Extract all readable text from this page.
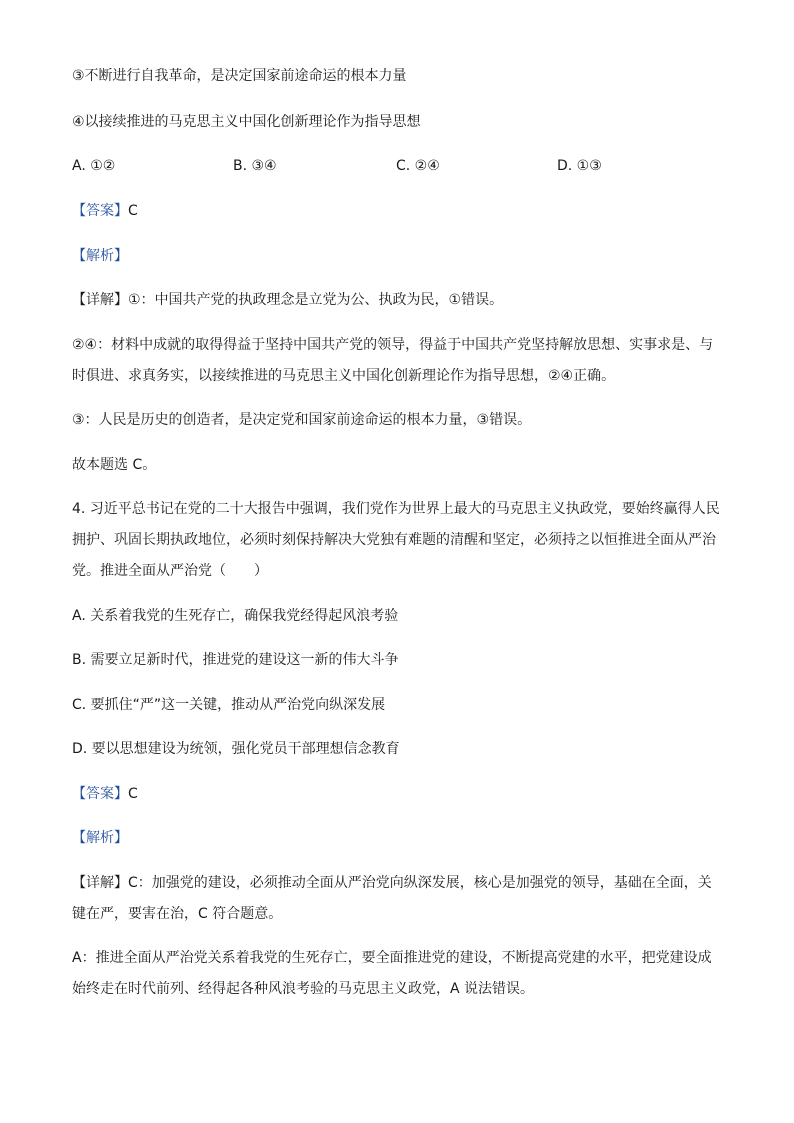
③不断进行自我革命，是决定国家前途命运的根本力量
④以接续推进的马克思主义中国化创新理论作为指导思想
A. ①②	B. ③④	C. ②④	D. ①③
【答案】C
【解析】
【详解】①：中国共产党的执政理念是立党为公、执政为民，①错误。
②④：材料中成就的取得得益于坚持中国共产党的领导，得益于中国共产党坚持解放思想、实事求是、与
时俱进、求真务实，以接续推进的马克思主义中国化创新理论作为指导思想，②④正确。
③：人民是历史的创造者，是决定党和国家前途命运的根本力量，③错误。
故本题选 C。
4. 习近平总书记在党的二十大报告中强调，我们党作为世界上最大的马克思主义执政党，要始终赢得人民
拥护、巩固长期执政地位，必须时刻保持解决大党独有难题的清醒和坚定，必须持之以恒推进全面从严治
党。推进全面从严治党（　　）
A. 关系着我党的生死存亡，确保我党经得起风浪考验
B. 需要立足新时代，推进党的建设这一新的伟大斗争
C. 要抓住“严”这一关键，推动从严治党向纵深发展
D. 要以思想建设为统领，强化党员干部理想信念教育
【答案】C
【解析】
【详解】C：加强党的建设，必须推动全面从严治党向纵深发展，核心是加强党的领导，基础在全面，关
键在严，要害在治，C 符合题意。
A：推进全面从严治党关系着我党的生死存亡，要全面推进党的建设，不断提高党建的水平，把党建设成
始终走在时代前列、经得起各种风浪考验的马克思主义政党，A 说法错误。
